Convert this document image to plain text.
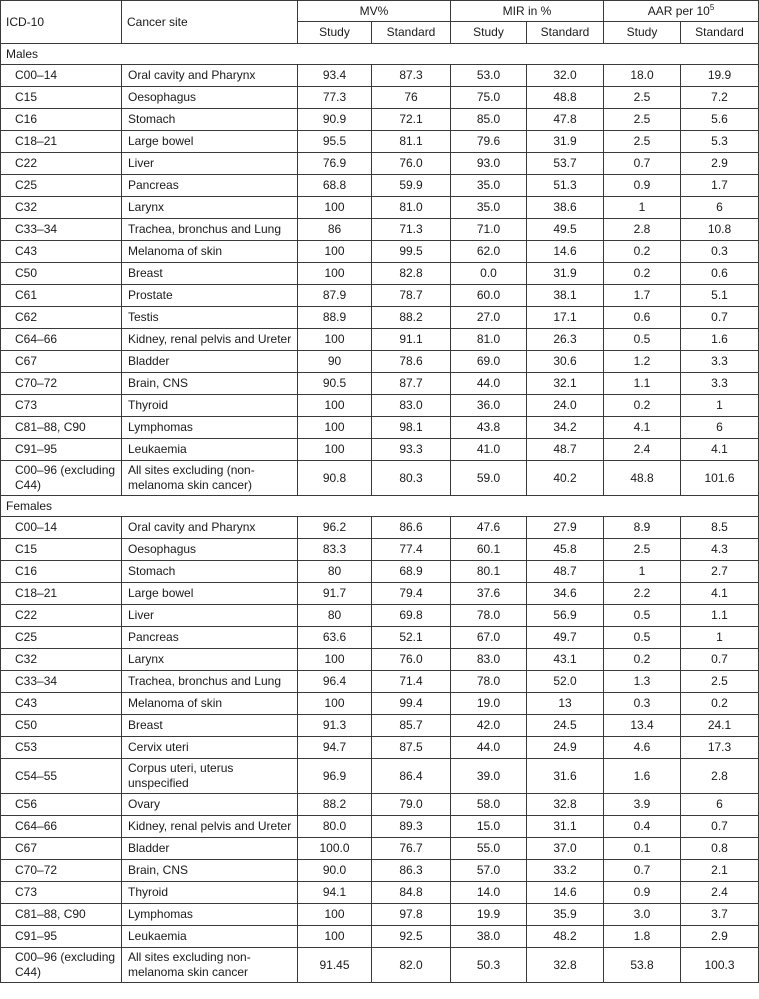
ICD-10	Cancer site	MV%		MIR in %		AAR per $10^5$
		Study	Standard	Study	Standard	Study	Standard
Males							
C00–14	Oral cavity and Pharynx	93.4	87.3	53.0	32.0	18.0	19.9
C15	Oesophagus	77.3	76	75.0	48.8	2.5	7.2
C16	Stomach	90.9	72.1	85.0	47.8	2.5	5.6
C18–21	Large bowel	95.5	81.1	79.6	31.9	2.5	5.3
C22	Liver	76.9	76.0	93.0	53.7	0.7	2.9
C25	Pancreas	68.8	59.9	35.0	51.3	0.9	1.7
C32	Larynx	100	81.0	35.0	38.6	1	6
C33–34	Trachea, bronchus and Lung	86	71.3	71.0	49.5	2.8	10.8
C43	Melanoma of skin	100	99.5	62.0	14.6	0.2	0.3
C50	Breast	100	82.8	0.0	31.9	0.2	0.6
C61	Prostate	87.9	78.7	60.0	38.1	1.7	5.1
C62	Testis	88.9	88.2	27.0	17.1	0.6	0.7
C64–66	Kidney, renal pelvis and Ureter	100	91.1	81.0	26.3	0.5	1.6
C67	Bladder	90	78.6	69.0	30.6	1.2	3.3
C70–72	Brain, CNS	90.5	87.7	44.0	32.1	1.1	3.3
C73	Thyroid	100	83.0	36.0	24.0	0.2	1
C81–88, C90	Lymphomas	100	98.1	43.8	34.2	4.1	6
C91–95	Leukaemia	100	93.3	41.0	48.7	2.4	4.1
C00–96 (excluding C44)	All sites excluding (non-melanoma skin cancer)	90.8	80.3	59.0	40.2	48.8	101.6
Females							
C00–14	Oral cavity and Pharynx	96.2	86.6	47.6	27.9	8.9	8.5
C15	Oesophagus	83.3	77.4	60.1	45.8	2.5	4.3
C16	Stomach	80	68.9	80.1	48.7	1	2.7
C18–21	Large bowel	91.7	79.4	37.6	34.6	2.2	4.1
C22	Liver	80	69.8	78.0	56.9	0.5	1.1
C25	Pancreas	63.6	52.1	67.0	49.7	0.5	1
C32	Larynx	100	76.0	83.0	43.1	0.2	0.7
C33–34	Trachea, bronchus and Lung	96.4	71.4	78.0	52.0	1.3	2.5
C43	Melanoma of skin	100	99.4	19.0	13	0.3	0.2
C50	Breast	91.3	85.7	42.0	24.5	13.4	24.1
C53	Cervix uteri	94.7	87.5	44.0	24.9	4.6	17.3
C54–55	Corpus uteri, uterus unspecified	96.9	86.4	39.0	31.6	1.6	2.8
C56	Ovary	88.2	79.0	58.0	32.8	3.9	6
C64–66	Kidney, renal pelvis and Ureter	80.0	89.3	15.0	31.1	0.4	0.7
C67	Bladder	100.0	76.7	55.0	37.0	0.1	0.8
C70–72	Brain, CNS	90.0	86.3	57.0	33.2	0.7	2.1
C73	Thyroid	94.1	84.8	14.0	14.6	0.9	2.4
C81–88, C90	Lymphomas	100	97.8	19.9	35.9	3.0	3.7
C91–95	Leukaemia	100	92.5	38.0	48.2	1.8	2.9
C00–96 (excluding C44)	All sites excluding non-melanoma skin cancer	91.45	82.0	50.3	32.8	53.8	100.3
